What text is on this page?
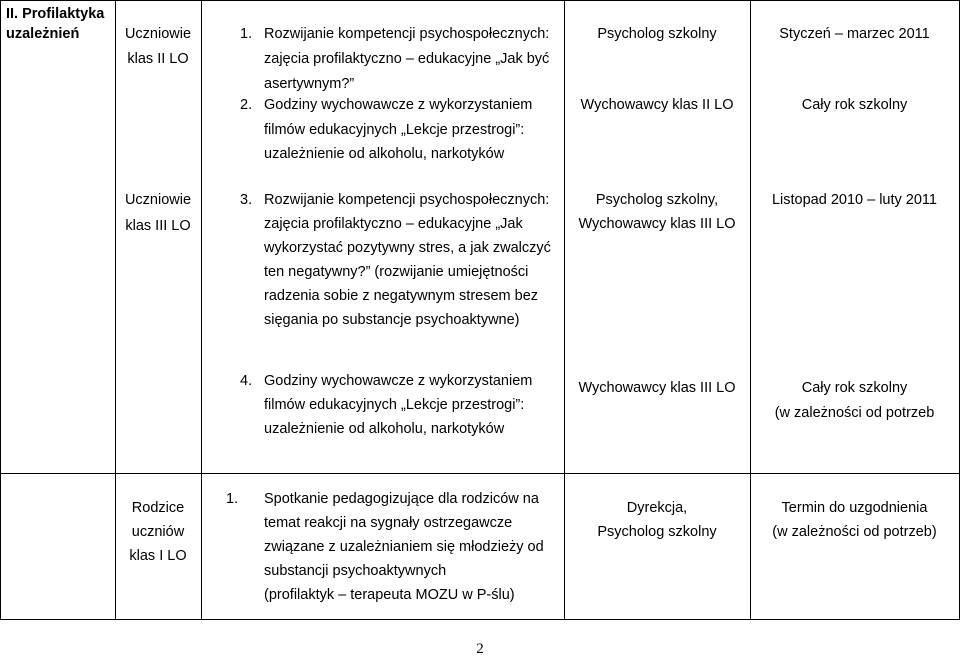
II. Profilaktyka
uzależnień	Uczniowie
klas II LO
1. Rozwijanie kompetencji psychospołecznych:
zajęcia profilaktyczno – edukacyjne „Jak być
asertywnym?”
2. Godziny wychowawcze z wykorzystaniem
filmów edukacyjnych „Lekcje przestrogi”:
uzależnienie od alkoholu, narkotyków
Psycholog szkolny
Wychowawcy klas II LO
Styczeń – marzec 2011
Cały rok szkolny
Uczniowie
klas III LO
3. Rozwijanie kompetencji psychospołecznych:
zajęcia profilaktyczno – edukacyjne „Jak
wykorzystać pozytywny stres, a jak zwalczyć
ten negatywny?” (rozwijanie umiejętności
radzenia sobie z negatywnym stresem bez
sięgania po substancje psychoaktywne)
Psycholog szkolny,
Wychowawcy klas III LO
Listopad 2010 – luty 2011
4. Godziny wychowawcze z wykorzystaniem
filmów edukacyjnych „Lekcje przestrogi”:
uzależnienie od alkoholu, narkotyków
Wychowawcy klas III LO	Cały rok szkolny
(w zależności od potrzeb
Rodzice
uczniów
klas I LO
1. Spotkanie pedagogizujące dla rodziców na
temat reakcji na sygnały ostrzegawcze
związane z uzależnianiem się młodzieży od
substancji psychoaktywnych
(profilaktyk – terapeuta MOZU w P-ślu)
Dyrekcja,
Psycholog szkolny
Termin do uzgodnienia
(w zależności od potrzeb)
2
